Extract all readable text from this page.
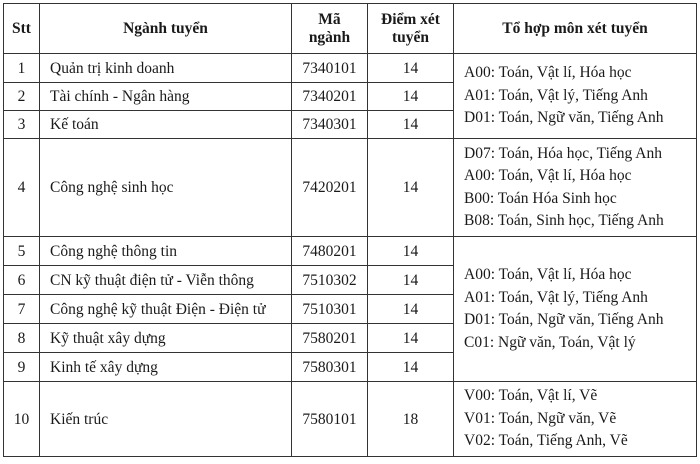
Stt	Ngành tuyển	Mã ngành	Điểm xét tuyển	Tổ hợp môn xét tuyển
1	Quản trị kinh doanh	7340101	14	A00: Toán, Vật lí, Hóa học
A01: Toán, Vật lý, Tiếng Anh
D01: Toán, Ngữ văn, Tiếng Anh

2	Tài chính - Ngân hàng	7340201	14	
3	Kế toán	7340301	14	
4	Công nghệ sinh học	7420201	14	D07: Toán, Hóa học, Tiếng Anh
A00: Toán, Vật lí, Hóa học
B00: Toán Hóa Sinh học
B08: Toán, Sinh học, Tiếng Anh

5	Công nghệ thông tin	7480201	14	A00: Toán, Vật lí, Hóa học
A01: Toán, Vật lý, Tiếng Anh
D01: Toán, Ngữ văn, Tiếng Anh
C01: Ngữ văn, Toán, Vật lý

6	CN kỹ thuật điện tử - Viễn thông	7510302	14	
7	Công nghệ kỹ thuật Điện - Điện tử	7510301	14	
8	Kỹ thuật xây dựng	7580201	14	
9	Kinh tế xây dựng	7580301	14	
10	Kiến trúc	7580101	18	V00: Toán, Vật lí, Vẽ
V01: Toán, Ngữ văn, Vẽ
V02: Toán, Tiếng Anh, Vẽ
